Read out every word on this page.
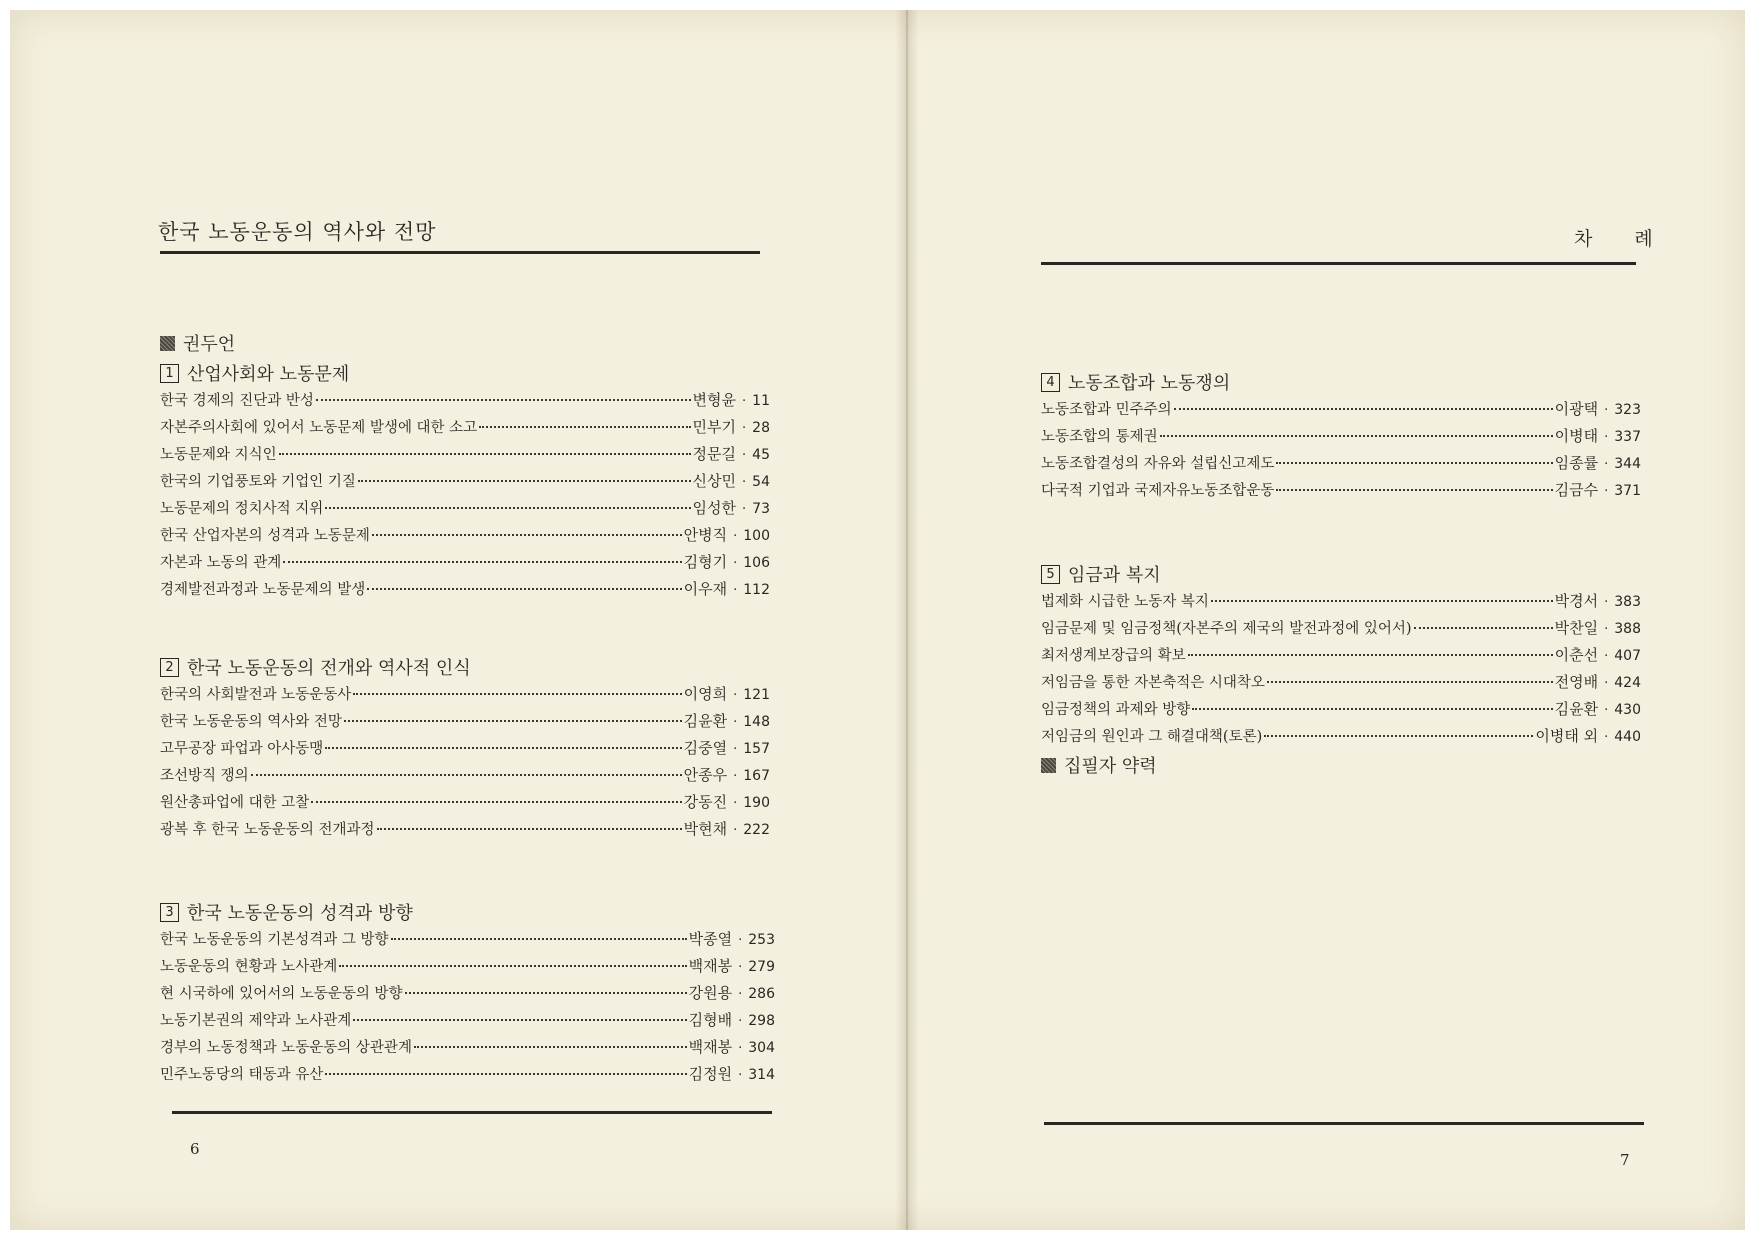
한국 노동운동의 역사와 전망
권두언
1 산업사회와 노동문제
한국 경제의 진단과 반성	변형윤 · 11
자본주의사회에 있어서 노동문제 발생에 대한 소고	민부기 · 28
노동문제와 지식인	정문길 · 45
한국의 기업풍토와 기업인 기질	신상민 · 54
노동문제의 정치사적 지위	임성한 · 73
한국 산업자본의 성격과 노동문제	안병직 · 100
자본과 노동의 관계	김형기 · 106
경제발전과정과 노동문제의 발생	이우재 · 112
2 한국 노동운동의 전개와 역사적 인식
한국의 사회발전과 노동운동사	이영희 · 121
한국 노동운동의 역사와 전망	김윤환 · 148
고무공장 파업과 아사동맹	김중열 · 157
조선방직 쟁의	안종우 · 167
원산총파업에 대한 고찰	강동진 · 190
광복 후 한국 노동운동의 전개과정	박현채 · 222
3 한국 노동운동의 성격과 방향
한국 노동운동의 기본성격과 그 방향	박종열 · 253
노동운동의 현황과 노사관계	백재봉 · 279
현 시국하에 있어서의 노동운동의 방향	강원용 · 286
노동기본권의 제약과 노사관계	김형배 · 298
경부의 노동정책과 노동운동의 상관관계	백재봉 · 304
민주노동당의 태동과 유산	김정원 · 314
6
차 례
4 노동조합과 노동쟁의
노동조합과 민주주의	이광택 · 323
노동조합의 통제권	이병태 · 337
노동조합결성의 자유와 설립신고제도	임종률 · 344
다국적 기업과 국제자유노동조합운동	김금수 · 371
5 임금과 복지
법제화 시급한 노동자 복지	박경서 · 383
임금문제 및 임금정책(자본주의 제국의 발전과정에 있어서)	박찬일 · 388
최저생계보장급의 확보	이춘선 · 407
저임금을 통한 자본축적은 시대착오	전영배 · 424
임금정책의 과제와 방향	김윤환 · 430
저임금의 원인과 그 해결대책(토론)	이병태 외 · 440
집필자 약력
7
